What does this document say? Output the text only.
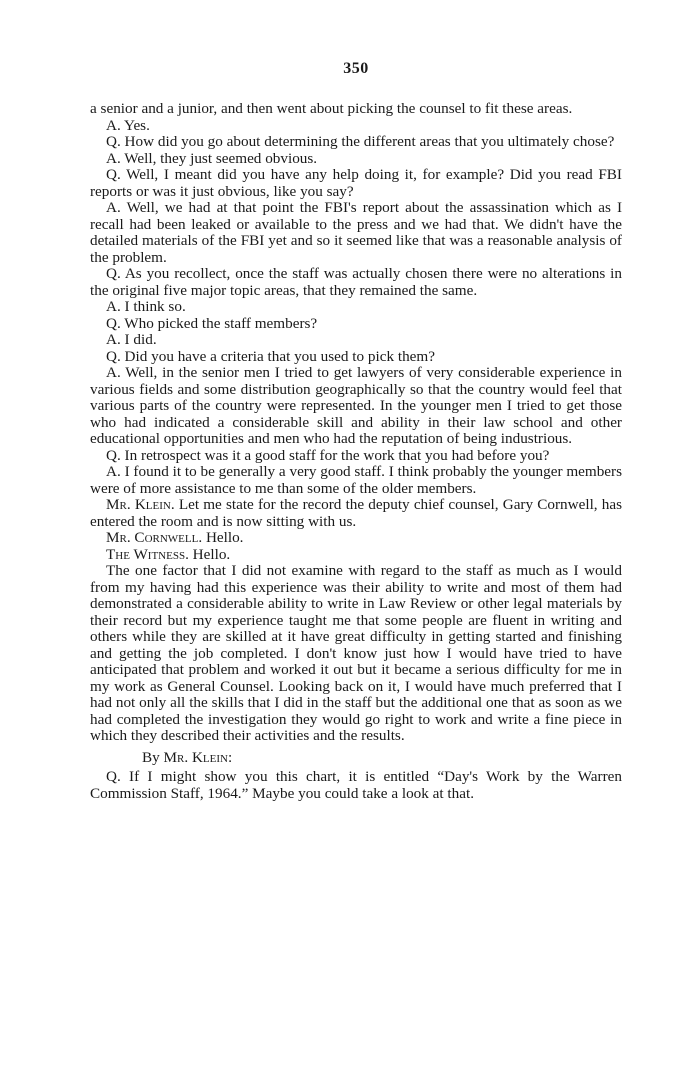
350

a senior and a junior, and then went about picking the counsel to fit these areas.

A. Yes.

Q. How did you go about determining the different areas that you ultimately chose?

A. Well, they just seemed obvious.

Q. Well, I meant did you have any help doing it, for example? Did you read FBI reports or was it just obvious, like you say?

A. Well, we had at that point the FBI's report about the assassination which as I recall had been leaked or available to the press and we had that. We didn't have the detailed materials of the FBI yet and so it seemed like that was a reasonable analysis of the problem.

Q. As you recollect, once the staff was actually chosen there were no alterations in the original five major topic areas, that they remained the same.

A. I think so.

Q. Who picked the staff members?

A. I did.

Q. Did you have a criteria that you used to pick them?

A. Well, in the senior men I tried to get lawyers of very considerable experience in various fields and some distribution geographically so that the country would feel that various parts of the country were represented. In the younger men I tried to get those who had indicated a considerable skill and ability in their law school and other educational opportunities and men who had the reputation of being industrious.

Q. In retrospect was it a good staff for the work that you had before you?

A. I found it to be generally a very good staff. I think probably the younger members were of more assistance to me than some of the older members.

Mr. Klein. Let me state for the record the deputy chief counsel, Gary Cornwell, has entered the room and is now sitting with us.

Mr. Cornwell. Hello.

The Witness. Hello.

The one factor that I did not examine with regard to the staff as much as I would from my having had this experience was their ability to write and most of them had demonstrated a considerable ability to write in Law Review or other legal materials by their record but my experience taught me that some people are fluent in writing and others while they are skilled at it have great difficulty in getting started and finishing and getting the job completed. I don't know just how I would have tried to have anticipated that problem and worked it out but it became a serious difficulty for me in my work as General Counsel. Looking back on it, I would have much preferred that I had not only all the skills that I did in the staff but the additional one that as soon as we had completed the investigation they would go right to work and write a fine piece in which they described their activities and the results.

By Mr. Klein:

Q. If I might show you this chart, it is entitled “Day's Work by the Warren Commission Staff, 1964.” Maybe you could take a look at that.
